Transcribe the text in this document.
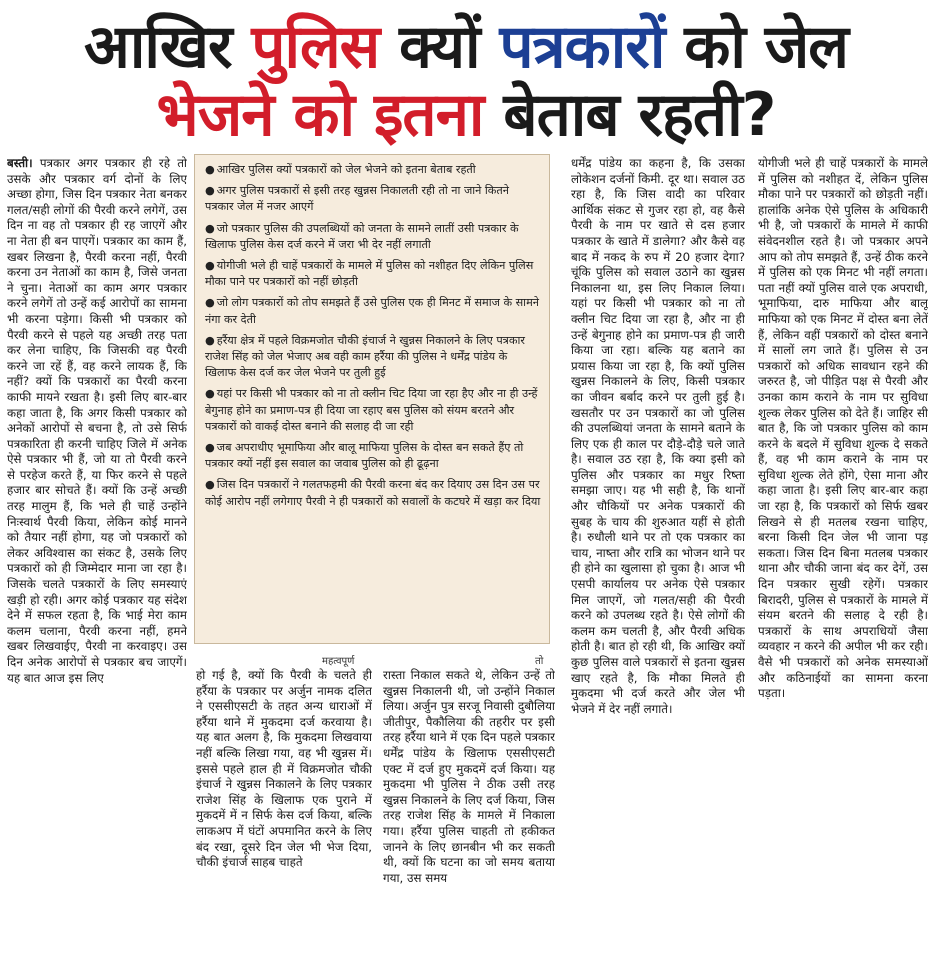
आखिर पुलिस क्यों पत्रकारों को जेल
भेजने को इतना बेताब रहती?

बस्ती। पत्रकार अगर पत्रकार ही रहे तो उसके और पत्रकार वर्ग दोनों के लिए अच्छा होगा, जिस दिन पत्रकार नेता बनकर गलत/सही लोगों की पैरवी करने लगेगें, उस दिन ना वह तो पत्रकार ही रह जाएगें और ना नेता ही बन पाएगें। पत्रकार का काम हैं, खबर लिखना है, पैरवी करना नहीं, पैरवी करना उन नेताओं का काम है, जिसे जनता ने चुना। नेताओं का काम अगर पत्रकार करने लगेगें तो उन्हें कई आरोपों का सामना भी करना पड़ेगा। किसी भी पत्रकार को पैरवी करने से पहले यह अच्छी तरह पता कर लेना चाहिए, कि जिसकी वह पैरवी करने जा रहें हैं, वह करने लायक हैं, कि नहीं? क्यों कि पत्रकारों का पैरवी करना काफी मायने रखता है। इसी लिए बार-बार कहा जाता है, कि अगर किसी पत्रकार को अनेकों आरोपों से बचना है, तो उसे सिर्फ पत्रकारिता ही करनी चाहिए जिले में अनेक ऐसे पत्रकार भी हैं, जो या तो पैरवी करने से परहेज करते हैं, या फिर करने से पहले हजार बार सोचते हैं। क्यों कि उन्हें अच्छी तरह मालुम हैं, कि भले ही चाहें उन्होंने निःस्वार्थ पैरवी किया, लेकिन कोई मानने को तैयार नहीं होगा, यह जो पत्रकारों को लेकर अविश्वास का संकट है, उसके लिए पत्रकारों को ही जिम्मेदार माना जा रहा है। जिसके चलते पत्रकारों के लिए समस्याएं खड़ी हो रही। अगर कोई पत्रकार यह संदेश देने में सफल रहता है, कि भाई मेरा काम कलम चलाना, पैरवी करना नहीं, हमने खबर लिखवाईए, पैरवी ना करवाइए। उस दिन अनेक आरोपों से पत्रकार बच जाएगें। यह बात आज इस लिए

● आखिर पुलिस क्यों पत्रकारों को जेल भेजने को इतना बेताब रहती
● अगर पुलिस पत्रकारों से इसी तरह खुन्नस निकालती रही तो ना जाने कितने पत्रकार जेल में नजर आएगें
● जो पत्रकार पुलिस की उपलब्धियों को जनता के सामने लातीं उसी पत्रकार के खिलाफ पुलिस केस दर्ज करने में जरा भी देर नहीं लगाती
● योगीजी भले ही चाहें पत्रकारों के मामले में पुलिस को नशीहत दिए लेकिन पुलिस मौका पाने पर पत्रकारों को नहीं छोड़ती
● जो लोग पत्रकारों को तोप समझते हैं उसे पुलिस एक ही मिनट में समाज के सामने नंगा कर देती
● हर्रैया क्षेत्र में पहले विक्रमजोत चौकी इंचार्ज ने खुन्नस निकालने के लिए पत्रकार राजेश सिंह को जेल भेजाए अब वही काम हर्रैया की पुलिस ने धर्मेंद्र पांडेय के खिलाफ केस दर्ज कर जेल भेजने पर तुली हुई
● यहां पर किसी भी पत्रकार को ना तो क्लीन चिट दिया जा रहा हैए और ना ही उन्हें बेगुनाह होने का प्रमाण-पत्र ही दिया जा रहाए बस पुलिस को संयम बरतने और पत्रकारों को वाकई दोस्त बनाने की सलाह दी जा रही
● जब अपराधीए भूमाफिया और बालू माफिया पुलिस के दोस्त बन सकते हैंए तो पत्रकार क्यों नहीं इस सवाल का जवाब पुलिस को ही ढूढ़ना
● जिस दिन पत्रकारों ने गलतफहमी की पैरवी करना बंद कर दियाए उस दिन उस पर कोई आरोप नहीं लगेगाए पैरवी ने ही पत्रकारों को सवालों के कटघरे में खड़ा कर दिया
महत्वपूर्ण	तो

हो गई है, क्यों कि पैरवी के चलते ही हर्रैया के पत्रकार पर अर्जुन नामक दलित ने एससीएसटी के तहत अन्य धाराओं में हर्रैया थाने में मुकदमा दर्ज करवाया है। यह बात अलग है, कि मुकदमा लिखवाया नहीं बल्कि लिखा गया, वह भी खुन्नस में। इससे पहले हाल ही में विक्रमजोत चौकी इंचार्ज ने खुन्नस निकालने के लिए पत्रकार राजेश सिंह के खिलाफ एक पुराने में मुकदमें में न सिर्फ केस दर्ज किया, बल्कि लाकअप में घंटों अपमानित करने के लिए बंद रखा, दूसरे दिन जेल भी भेज दिया, चौकी इंचार्ज साहब चाहते

रास्ता निकाल सकते थे, लेकिन उन्हें तो खुन्नस निकालनी थी, जो उन्होंने निकाल लिया। अर्जुन पुत्र सरजू निवासी दुबौलिया जीतीपुर, पैकौलिया की तहरीर पर इसी तरह हर्रैया थाने में एक दिन पहले पत्रकार धर्मेंद्र पांडेय के खिलाफ एससीएसटी एक्ट में दर्ज हुए मुकदमें दर्ज किया। यह मुकदमा भी पुलिस ने ठीक उसी तरह खुन्नस निकालने के लिए दर्ज किया, जिस तरह राजेश सिंह के मामले में निकाला गया। हर्रैया पुलिस चाहती तो हकीकत जानने के लिए छानबीन भी कर सकती थी, क्यों कि घटना का जो समय बताया गया, उस समय

धर्मेंद्र पांडेय का कहना है, कि उसका लोकेशन दर्जनों किमी. दूर था। सवाल उठ रहा है, कि जिस वादी का परिवार आर्थिक संकट से गुजर रहा हो, वह कैसे पैरवी के नाम पर खाते से दस हजार पत्रकार के खाते में डालेगा? और कैसे वह बाद में नकद के रुप में 20 हजार देगा? चूंकि पुलिस को सवाल उठाने का खुन्नस निकालना था, इस लिए निकाल लिया। यहां पर किसी भी पत्रकार को ना तो क्लीन चिट दिया जा रहा है, और ना ही उन्हें बेगुनाह होने का प्रमाण-पत्र ही जारी किया जा रहा। बल्कि यह बताने का प्रयास किया जा रहा है, कि क्यों पुलिस खुन्नस निकालने के लिए, किसी पत्रकार का जीवन बर्बाद करने पर तुली हुई है। खसतौर पर उन पत्रकारों का जो पुलिस की उपलब्धियां जनता के सामने बताने के लिए एक ही काल पर दौड़े-दौड़े चले जाते है। सवाल उठ रहा है, कि क्या इसी को पुलिस और पत्रकार का मधुर रिष्ता समझा जाए। यह भी सही है, कि थानों और चौकियों पर अनेक पत्रकारों की सुबह के चाय की शुरुआत यहीं से होती है। रुधौली थाने पर तो एक पत्रकार का चाय, नाष्ता और रात्रि का भोजन थाने पर ही होने का खुलासा हो चुका है। आज भी एसपी कार्यालय पर अनेक ऐसे पत्रकार मिल जाएगें, जो गलत/सही की पैरवी करने को उपलब्ध रहते है। ऐसे लोगों की कलम कम चलती है, और पैरवी अधिक होती है। बात हो रही थी, कि आखिर क्यों कुछ पुलिस वाले पत्रकारों से इतना खुन्नस खाए रहते है, कि मौका मिलते ही मुकदमा भी दर्ज करते और जेल भी भेजने में देर नहीं लगाते।

योगीजी भले ही चाहें पत्रकारों के मामले में पुलिस को नशीहत दें, लेकिन पुलिस मौका पाने पर पत्रकारों को छोड़ती नहीं। हालांकि अनेक ऐसे पुलिस के अधिकारी भी है, जो पत्रकारों के मामले में काफी संवेदनशील रहते है। जो पत्रकार अपने आप को तोप समझते हैं, उन्हें ठीक करने में पुलिस को एक मिनट भी नहीं लगता। पता नहीं क्यों पुलिस वाले एक अपराधी, भूमाफिया, दारु माफिया और बालू माफिया को एक मिनट में दोस्त बना लेतें हैं, लेकिन वहीं पत्रकारों को दोस्त बनाने में सालों लग जाते हैं। पुलिस से उन पत्रकारों को अधिक सावधान रहने की जरुरत है, जो पीड़ित पक्ष से पैरवी और उनका काम कराने के नाम पर सुविधा शुल्क लेकर पुलिस को देते हैं। जाहिर सी बात है, कि जो पत्रकार पुलिस को काम करने के बदले में सुविधा शुल्क दे सकते हैं, वह भी काम कराने के नाम पर सुविधा शुल्क लेते होंगे, ऐसा माना और कहा जाता है। इसी लिए बार-बार कहा जा रहा है, कि पत्रकारों को सिर्फ खबर लिखने से ही मतलब रखना चाहिए, बरना किसी दिन जेल भी जाना पड़ सकता। जिस दिन बिना मतलब पत्रकार थाना और चौकी जाना बंद कर देगें, उस दिन पत्रकार सुखी रहेगें। पत्रकार बिरादरी, पुलिस से पत्रकारों के मामले में संयम बरतने की सलाह दे रही है। पत्रकारों के साथ अपराधियों जैसा व्यवहार न करने की अपील भी कर रही। वैसे भी पत्रकारों को अनेक समस्याओं और कठिनाईयों का सामना करना पड़ता।
